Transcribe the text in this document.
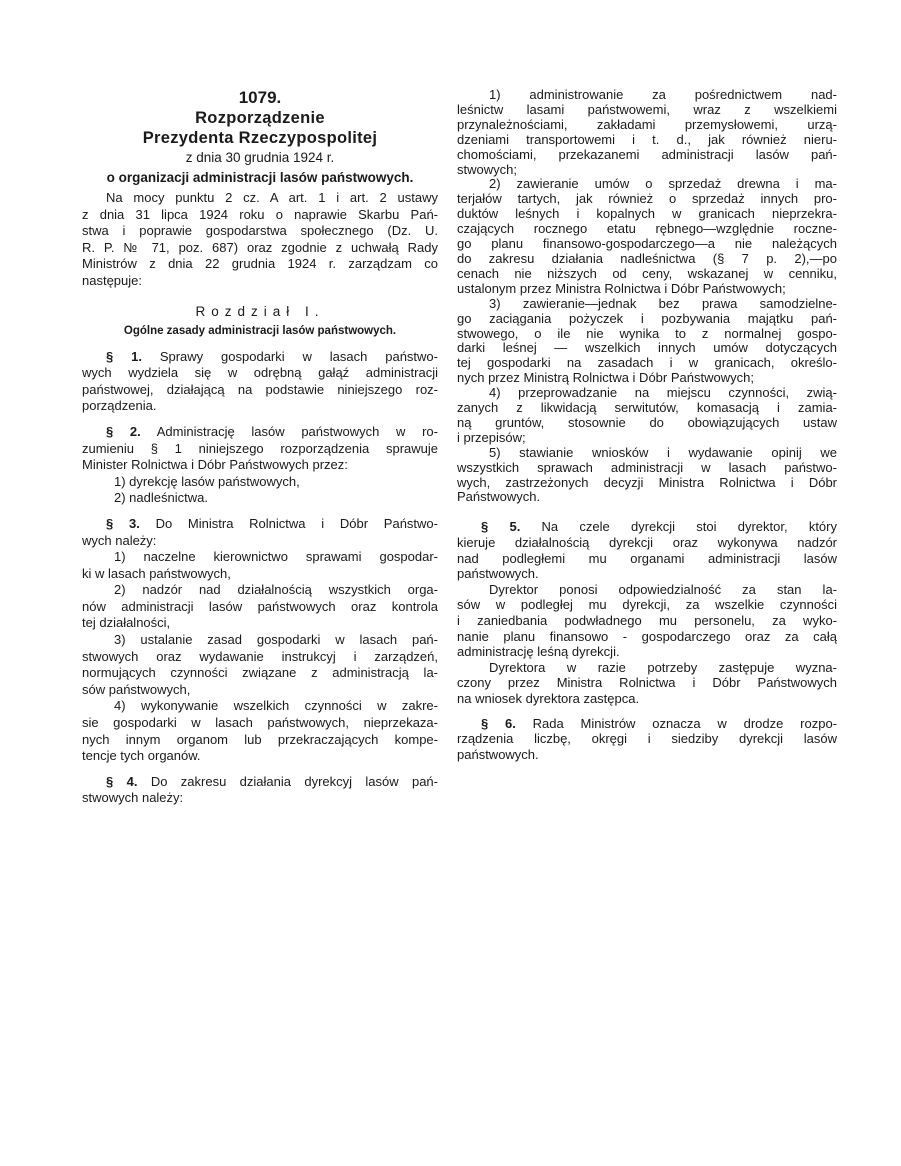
1079.
Rozporządzenie
Prezydenta Rzeczypospolitej
z dnia 30 grudnia 1924 r.
o organizacji administracji lasów państwowych.
Na mocy punktu 2 cz. A art. 1 i art. 2 ustawy
z dnia 31 lipca 1924 roku o naprawie Skarbu Pań-
stwa i poprawie gospodarstwa społecznego (Dz. U.
R. P. № 71, poz. 687) oraz zgodnie z uchwałą Rady
Ministrów z dnia 22 grudnia 1924 r. zarządzam co
następuje:
Rozdział I.
Ogólne zasady administracji lasów państwowych.
§ 1. Sprawy gospodarki w lasach państwo-
wych wydziela się w odrębną gałąź administracji
państwowej, działającą na podstawie niniejszego roz-
porządzenia.
§ 2. Administrację lasów państwowych w ro-
zumieniu § 1 niniejszego rozporządzenia sprawuje
Minister Rolnictwa i Dóbr Państwowych przez:
1) dyrekcję lasów państwowych,
2) nadleśnictwa.
§ 3. Do Ministra Rolnictwa i Dóbr Państwo-
wych należy:
1) naczelne kierownictwo sprawami gospodar-
ki w lasach państwowych,
2) nadzór nad działalnością wszystkich orga-
nów administracji lasów państwowych oraz kontrola
tej działalności,
3) ustalanie zasad gospodarki w lasach pań-
stwowych oraz wydawanie instrukcyj i zarządzeń,
normujących czynności związane z administracją la-
sów państwowych,
4) wykonywanie wszelkich czynności w zakre-
sie gospodarki w lasach państwowych, nieprzekaza-
nych innym organom lub przekraczających kompe-
tencje tych organów.
§ 4. Do zakresu działania dyrekcyj lasów pań-
stwowych należy:
1) administrowanie za pośrednictwem nad-
leśnictw lasami państwowemi, wraz z wszelkiemi
przynależnościami, zakładami przemysłowemi, urzą-
dzeniami transportowemi i t. d., jak również nieru-
chomościami, przekazanemi administracji lasów pań-
stwowych;
2) zawieranie umów o sprzedaż drewna i ma-
terjałów tartych, jak również o sprzedaż innych pro-
duktów leśnych i kopalnych w granicach nieprzekra-
czających rocznego etatu rębnego—względnie roczne-
go planu finansowo-gospodarczego—a nie należących
do zakresu działania nadleśnictwa (§ 7 p. 2),—po
cenach nie niższych od ceny, wskazanej w cenniku,
ustalonym przez Ministra Rolnictwa i Dóbr Państwowych;
3) zawieranie—jednak bez prawa samodzielne-
go zaciągania pożyczek i pozbywania majątku pań-
stwowego, o ile nie wynika to z normalnej gospo-
darki leśnej — wszelkich innych umów dotyczących
tej gospodarki na zasadach i w granicach, określo-
nych przez Ministrą Rolnictwa i Dóbr Państwowych;
4) przeprowadzanie na miejscu czynności, zwią-
zanych z likwidacją serwitutów, komasacją i zamia-
ną gruntów, stosownie do obowiązujących ustaw
i przepisów;
5) stawianie wniosków i wydawanie opinij we
wszystkich sprawach administracji w lasach państwo-
wych, zastrzeżonych decyzji Ministra Rolnictwa i Dóbr
Państwowych.
§ 5. Na czele dyrekcji stoi dyrektor, który
kieruje działalnością dyrekcji oraz wykonywa nadzór
nad podległemi mu organami administracji lasów
państwowych.
Dyrektor ponosi odpowiedzialność za stan la-
sów w podległej mu dyrekcji, za wszelkie czynności
i zaniedbania podwładnego mu personelu, za wyko-
nanie planu finansowo - gospodarczego oraz za całą
administrację leśną dyrekcji.
Dyrektora w razie potrzeby zastępuje wyzna-
czony przez Ministra Rolnictwa i Dóbr Państwowych
na wniosek dyrektora zastępca.
§ 6. Rada Ministrów oznacza w drodze rozpo-
rządzenia liczbę, okręgi i siedziby dyrekcji lasów
państwowych.
